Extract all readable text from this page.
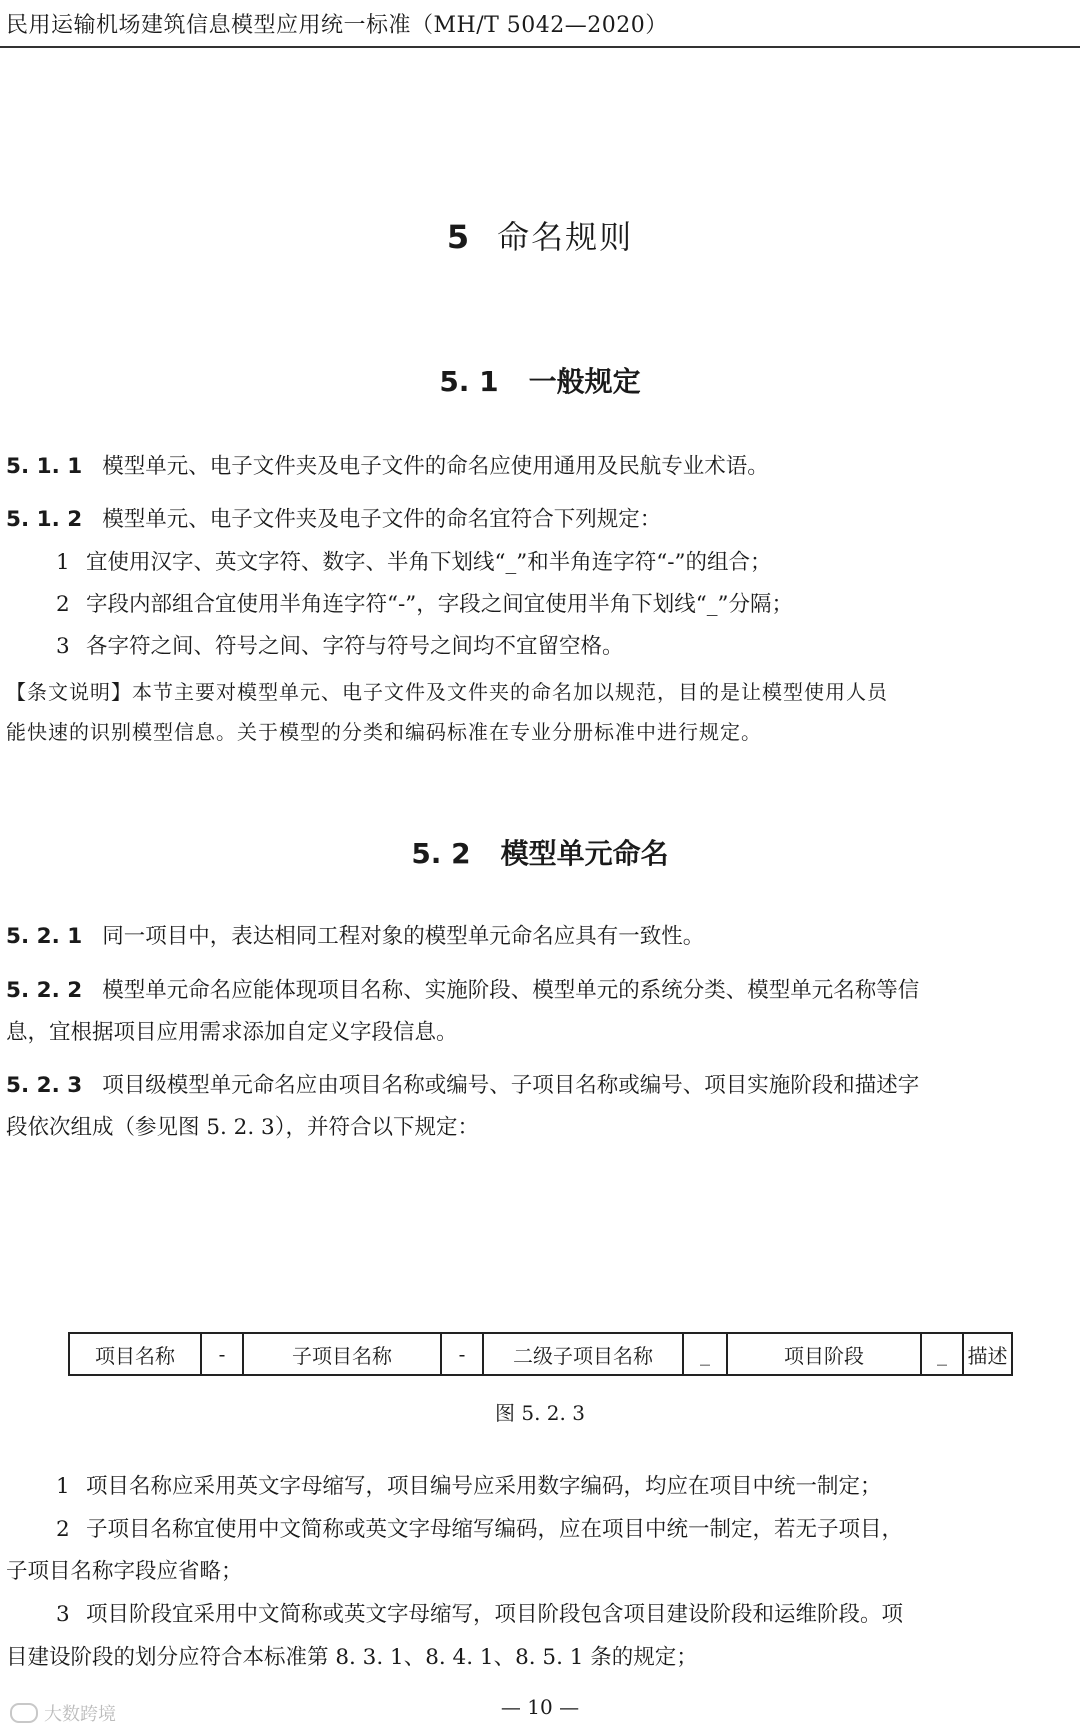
民用运输机场建筑信息模型应用统一标准（MH/T 5042—2020）
5 命名规则
5. 1 一般规定
5. 1. 1 模型单元、电子文件夹及电子文件的命名应使用通用及民航专业术语。
5. 1. 2 模型单元、电子文件夹及电子文件的命名宜符合下列规定：
1 宜使用汉字、英文字符、数字、半角下划线“_”和半角连字符“-”的组合；
2 字段内部组合宜使用半角连字符“-”，字段之间宜使用半角下划线“_”分隔；
3 各字符之间、符号之间、字符与符号之间均不宜留空格。
【条文说明】本节主要对模型单元、电子文件及文件夹的命名加以规范，目的是让模型使用人员
能快速的识别模型信息。关于模型的分类和编码标准在专业分册标准中进行规定。
5. 2 模型单元命名
5. 2. 1 同一项目中，表达相同工程对象的模型单元命名应具有一致性。
5. 2. 2 模型单元命名应能体现项目名称、实施阶段、模型单元的系统分类、模型单元名称等信
息，宜根据项目应用需求添加自定义字段信息。
5. 2. 3 项目级模型单元命名应由项目名称或编号、子项目名称或编号、项目实施阶段和描述字
段依次组成（参见图 5. 2. 3），并符合以下规定：
项目名称	-	子项目名称	-	二级子项目名称	_	项目阶段	_	描述
图 5. 2. 3
1 项目名称应采用英文字母缩写，项目编号应采用数字编码，均应在项目中统一制定；
2 子项目名称宜使用中文简称或英文字母缩写编码，应在项目中统一制定，若无子项目，
子项目名称字段应省略；
3 项目阶段宜采用中文简称或英文字母缩写，项目阶段包含项目建设阶段和运维阶段。项
目建设阶段的划分应符合本标准第 8. 3. 1、8. 4. 1、8. 5. 1 条的规定；
— 10 —
大数跨境
